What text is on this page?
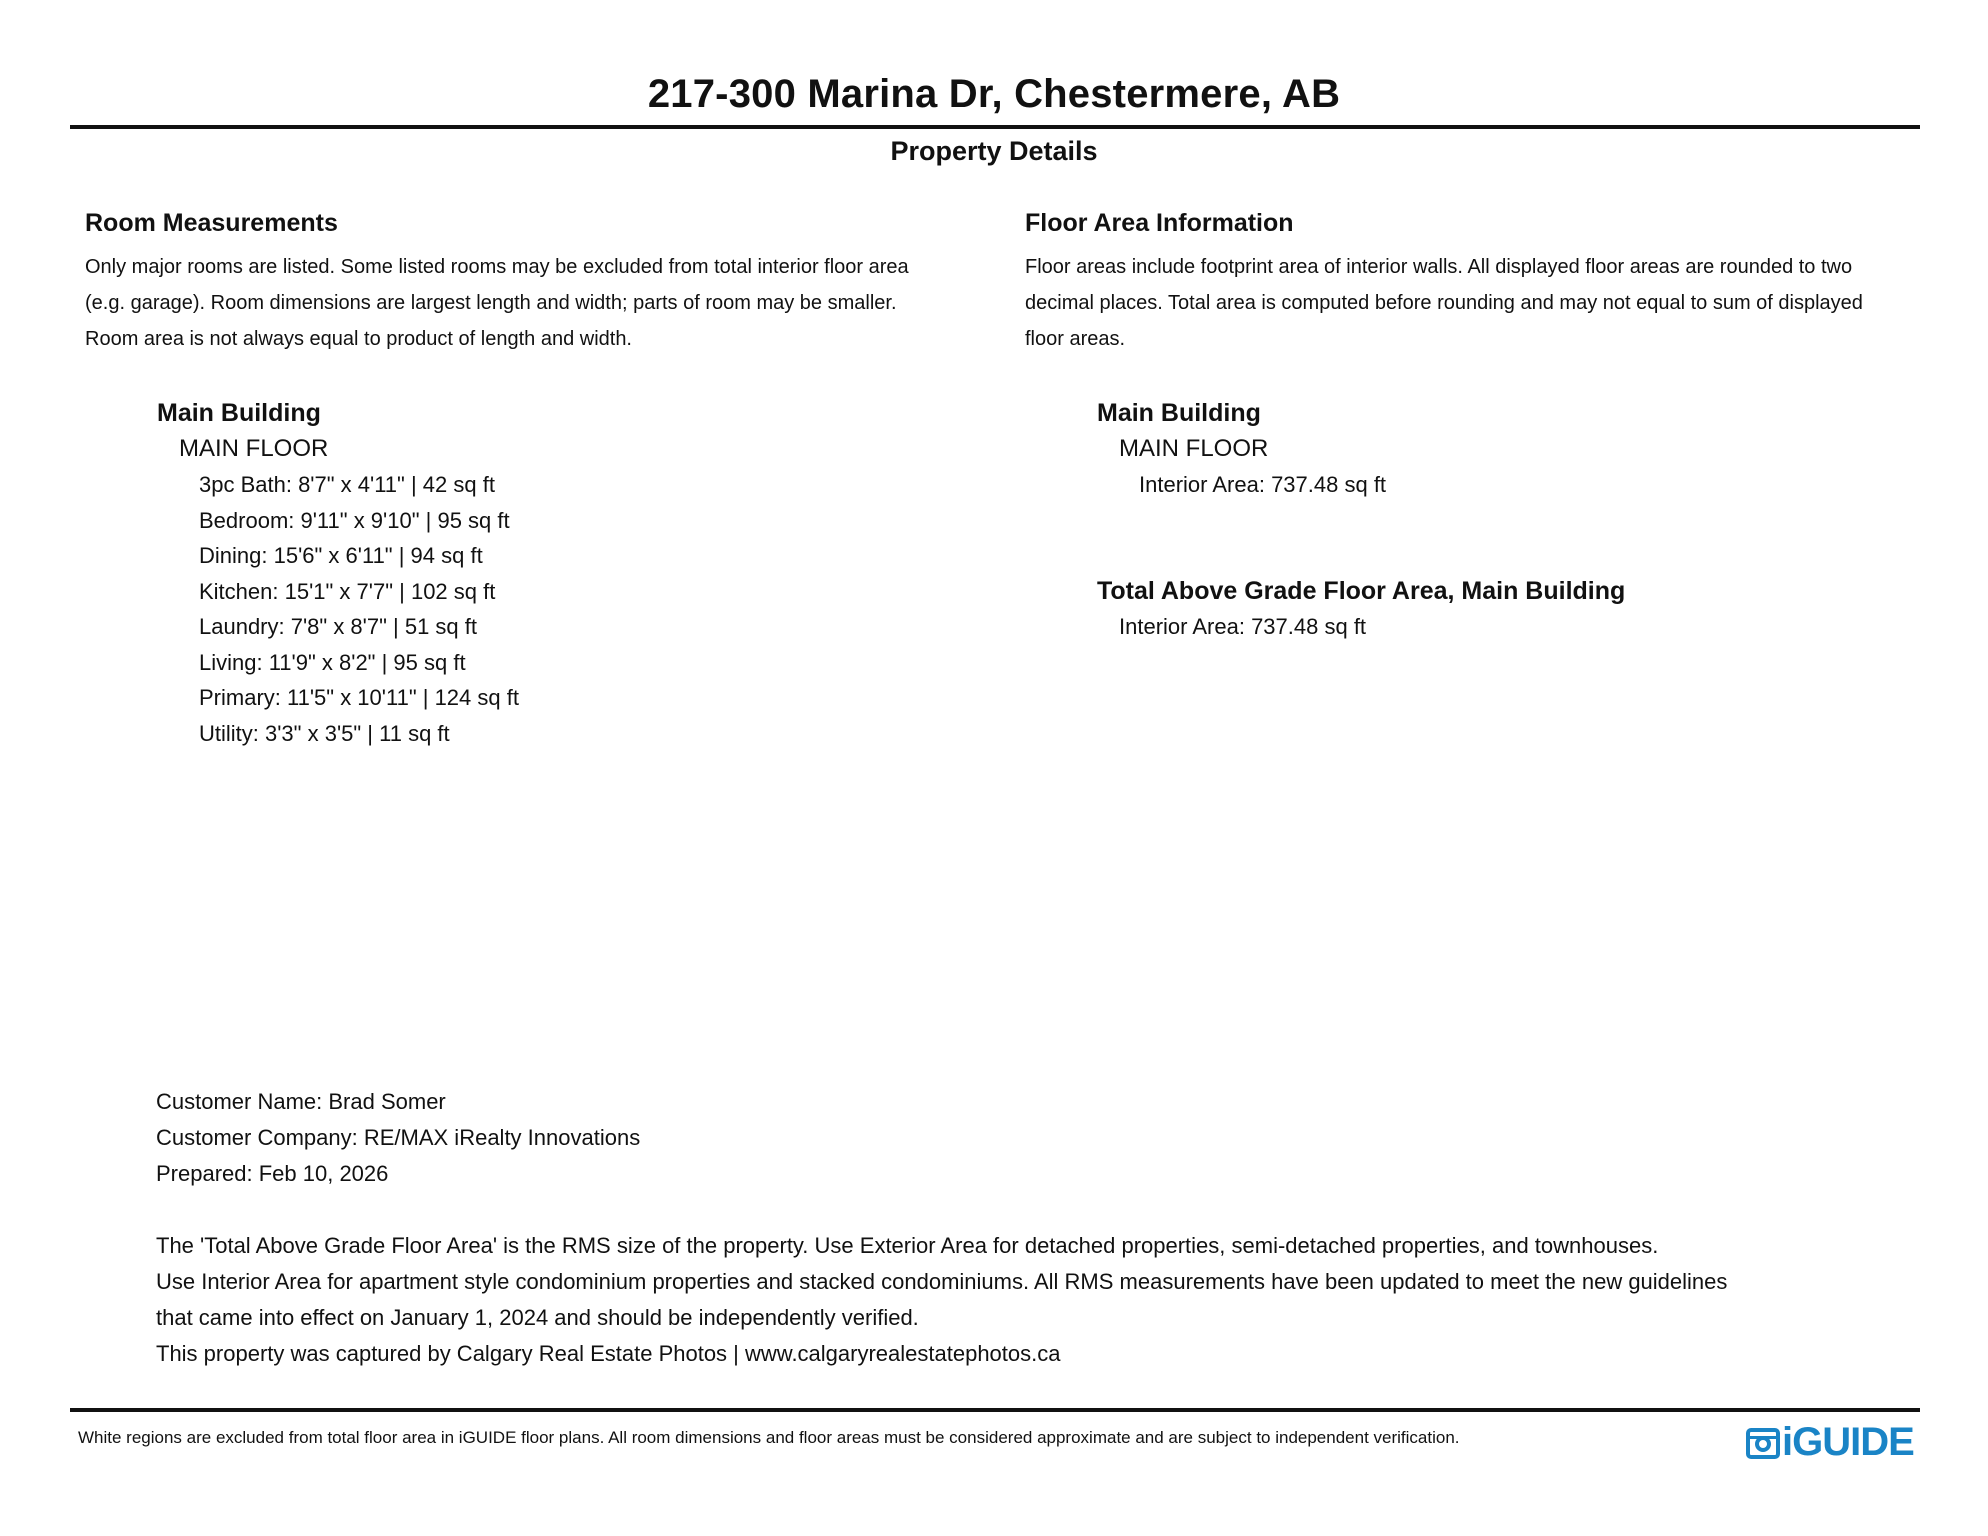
217-300 Marina Dr, Chestermere, AB
Property Details
Room Measurements
Only major rooms are listed. Some listed rooms may be excluded from total interior floor area
(e.g. garage). Room dimensions are largest length and width; parts of room may be smaller.
Room area is not always equal to product of length and width.
Main Building
MAIN FLOOR
3pc Bath: 8'7" x 4'11" | 42 sq ft
Bedroom: 9'11" x 9'10" | 95 sq ft
Dining: 15'6" x 6'11" | 94 sq ft
Kitchen: 15'1" x 7'7" | 102 sq ft
Laundry: 7'8" x 8'7" | 51 sq ft
Living: 11'9" x 8'2" | 95 sq ft
Primary: 11'5" x 10'11" | 124 sq ft
Utility: 3'3" x 3'5" | 11 sq ft
Floor Area Information
Floor areas include footprint area of interior walls. All displayed floor areas are rounded to two
decimal places. Total area is computed before rounding and may not equal to sum of displayed
floor areas.
Main Building
MAIN FLOOR
Interior Area: 737.48 sq ft
Total Above Grade Floor Area, Main Building
Interior Area: 737.48 sq ft
Customer Name: Brad Somer
Customer Company: RE/MAX iRealty Innovations
Prepared: Feb 10, 2026
The 'Total Above Grade Floor Area' is the RMS size of the property. Use Exterior Area for detached properties, semi-detached properties, and townhouses.
Use Interior Area for apartment style condominium properties and stacked condominiums. All RMS measurements have been updated to meet the new guidelines
that came into effect on January 1, 2024 and should be independently verified.
This property was captured by Calgary Real Estate Photos | www.calgaryrealestatephotos.ca
White regions are excluded from total floor area in iGUIDE floor plans. All room dimensions and floor areas must be considered approximate and are subject to independent verification.	iGUIDE
